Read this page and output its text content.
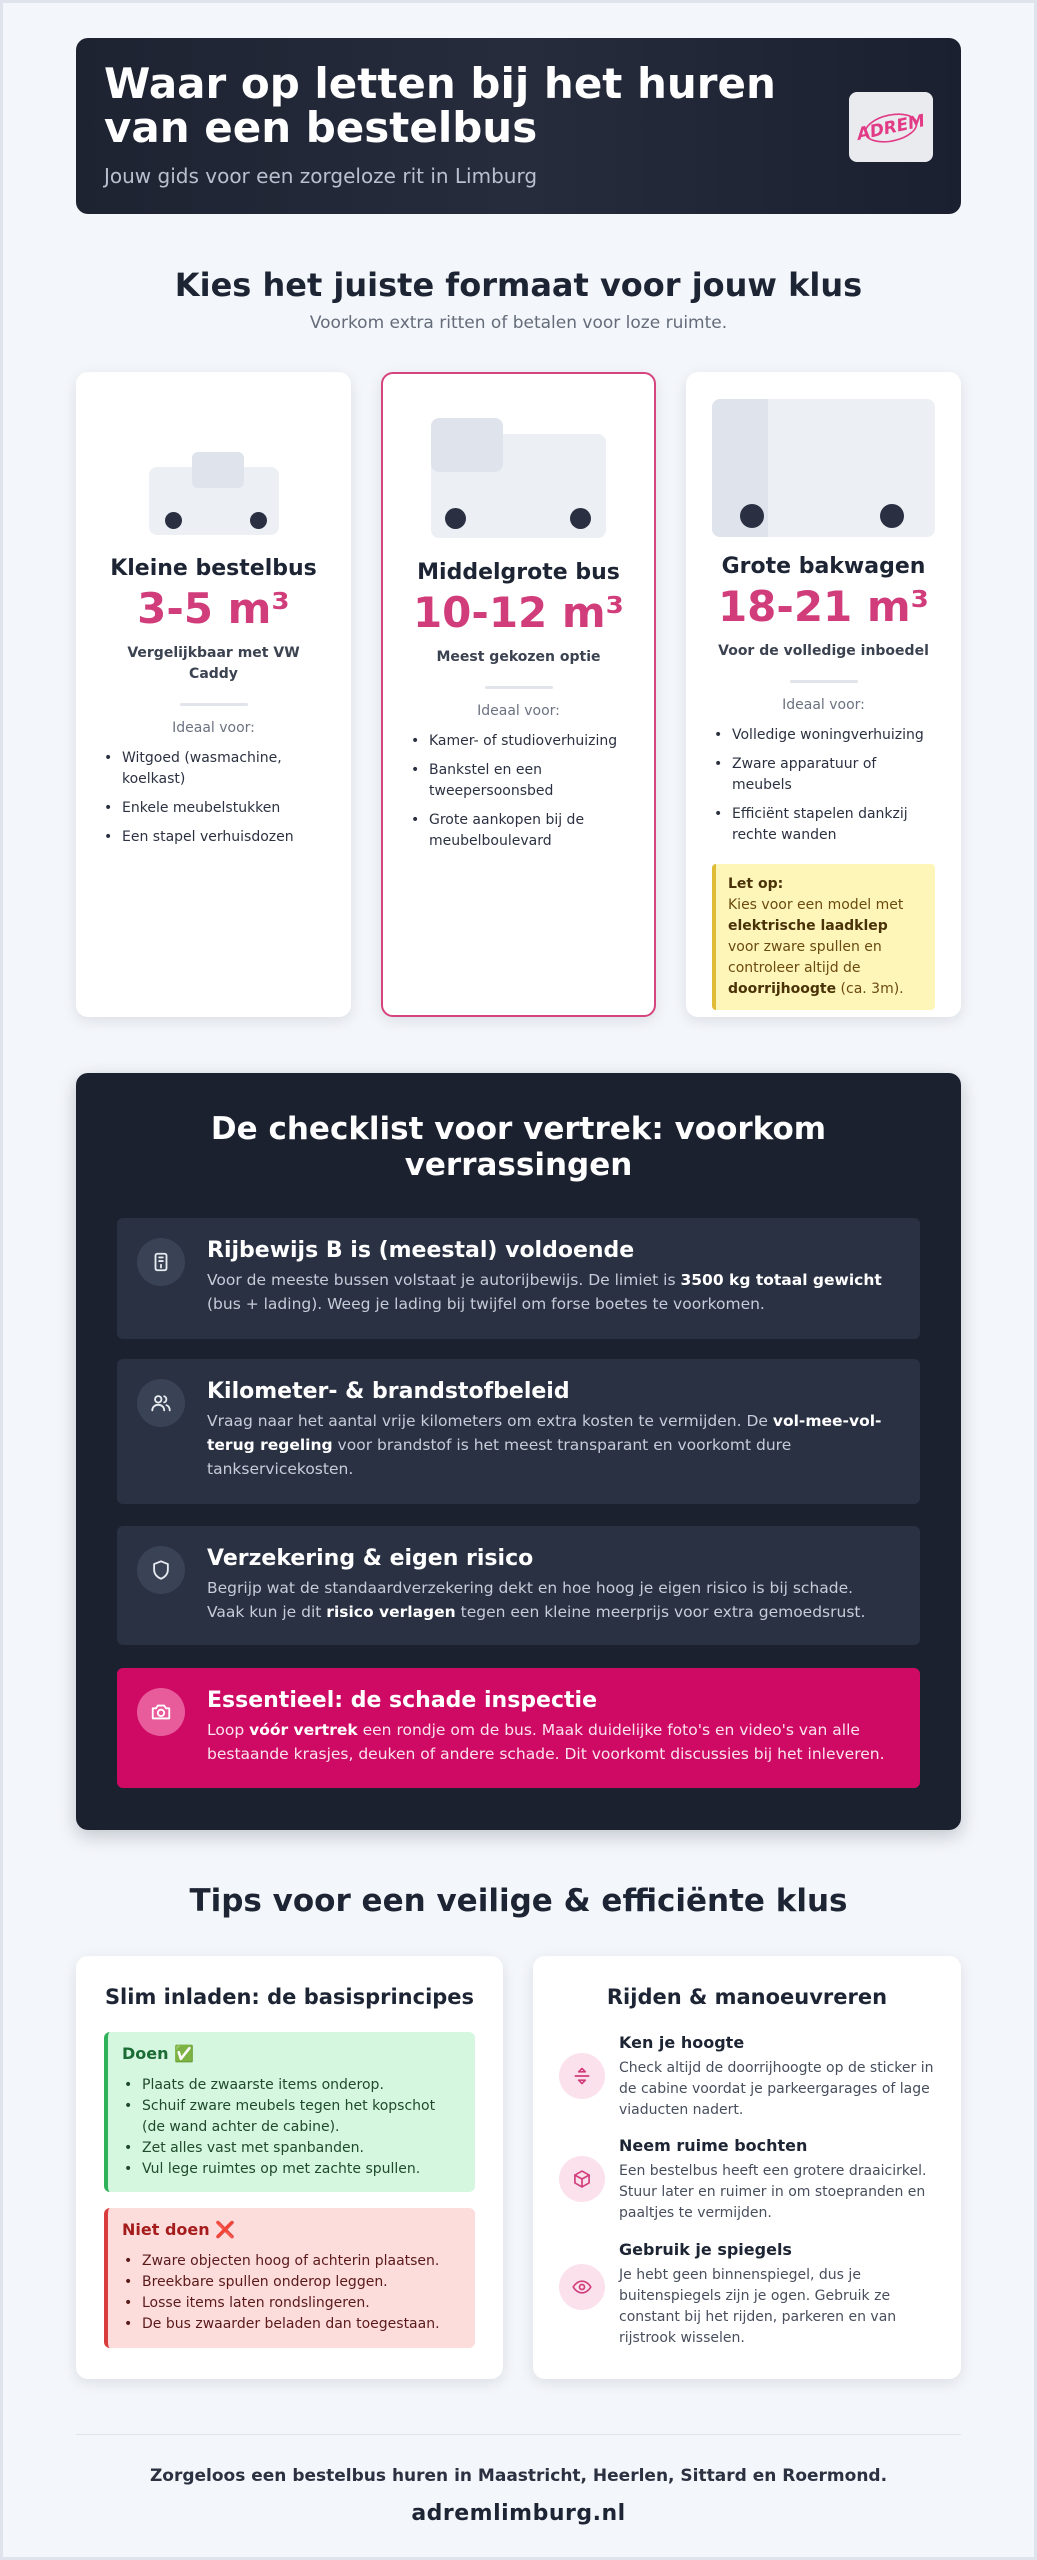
Waar op letten bij het huren van een bestelbus
Jouw gids voor een zorgeloze rit in Limburg
ADREM
Kies het juiste formaat voor jouw klus
Voorkom extra ritten of betalen voor loze ruimte.
Kleine bestelbus
3-5 m³
Vergelijkbaar met VW Caddy
Ideaal voor:
• Witgoed (wasmachine, koelkast)
• Enkele meubelstukken
• Een stapel verhuisdozen
Middelgrote bus
10-12 m³
Meest gekozen optie
Ideaal voor:
• Kamer- of studioverhuizing
• Bankstel en een tweepersoonsbed
• Grote aankopen bij de meubelboulevard
Grote bakwagen
18-21 m³
Voor de volledige inboedel
Ideaal voor:
• Volledige woningverhuizing
• Zware apparatuur of meubels
• Efficiënt stapelen dankzij rechte wanden
Let op:
Kies voor een model met elektrische laadklep voor zware spullen en controleer altijd de doorrijhoogte (ca. 3m).
De checklist voor vertrek: voorkom verrassingen
Rijbewijs B is (meestal) voldoende

Voor de meeste bussen volstaat je autorijbewijs. De limiet is 3500 kg totaal gewicht (bus + lading). Weeg je lading bij twijfel om forse boetes te voorkomen.

Kilometer- & brandstofbeleid

Vraag naar het aantal vrije kilometers om extra kosten te vermijden. De vol-mee-vol-terug regeling voor brandstof is het meest transparant en voorkomt dure tankservicekosten.

Verzekering & eigen risico

Begrijp wat de standaardverzekering dekt en hoe hoog je eigen risico is bij schade. Vaak kun je dit risico verlagen tegen een kleine meerprijs voor extra gemoedsrust.

Essentieel: de schade inspectie

Loop vóór vertrek een rondje om de bus. Maak duidelijke foto's en video's van alle bestaande krasjes, deuken of andere schade. Dit voorkomt discussies bij het inleveren.

Tips voor een veilige & efficiënte klus
Slim inladen: de basisprincipes
Doen ✅
• Plaats de zwaarste items onderop.
• Schuif zware meubels tegen het kopschot (de wand achter de cabine).
• Zet alles vast met spanbanden.
• Vul lege ruimtes op met zachte spullen.
Niet doen ❌
• Zware objecten hoog of achterin plaatsen.
• Breekbare spullen onderop leggen.
• Losse items laten rondslingeren.
• De bus zwaarder beladen dan toegestaan.
Rijden & manoeuvreren
Ken je hoogte

Check altijd de doorrijhoogte op de sticker in de cabine voordat je parkeergarages of lage viaducten nadert.

Neem ruime bochten

Een bestelbus heeft een grotere draaicirkel. Stuur later en ruimer in om stoepranden en paaltjes te vermijden.

Gebruik je spiegels

Je hebt geen binnenspiegel, dus je buitenspiegels zijn je ogen. Gebruik ze constant bij het rijden, parkeren en van rijstrook wisselen.

Zorgeloos een bestelbus huren in Maastricht, Heerlen, Sittard en Roermond.
adremlimburg.nl
